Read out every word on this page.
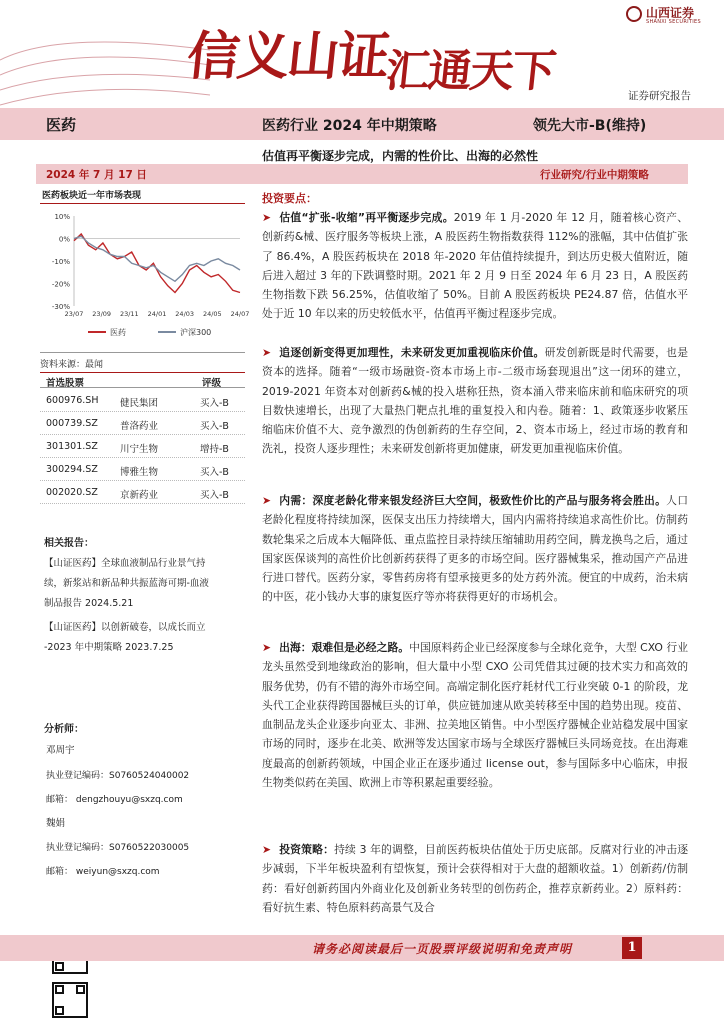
山西证券
SHANXI SECURITIES
信义山证$_{汇通天下}$	证券研究报告
医药	医药行业 2024 年中期策略	领先大市-B(维持)
估值再平衡逐步完成，内需的性价比、出海的必然性
2024 年 7 月 17 日	行业研究/行业中期策略
医药板块近一年市场表现
10%
0%
-10%
-20%
-30%
23/07 23/09 23/11 24/01 24/03 24/05 24/07
医药	沪深300
资料来源：最闻
首选股票	评级
600976.SH 健民集团	买入-B
000739.SZ 普洛药业	买入-B
301301.SZ 川宁生物	增持-B
300294.SZ 博雅生物	买入-B
002020.SZ 京新药业	买入-B
相关报告：
【山证医药】全球血液制品行业景气持
续，新浆站和新品种共振蓝海可期-血液
制品报告 2024.5.21
【山证医药】以创新破卷，以成长而立
-2023 年中期策略 2023.7.25
分析师：
邓周宇
执业登记编码：S0760524040002
邮箱： dengzhouyu@sxzq.com
魏娟
执业登记编码：S0760522030005
邮箱： weiyun@sxzq.com
投资要点：
➤ 估值“扩张-收缩”再平衡逐步完成。2019 年 1 月-2020 年 12 月，随着核心资产、创新药&械、医疗服务等板块上涨，A 股医药生物指数获得 112%的涨幅，其中估值扩张了 86.4%，A 股医药板块在 2018 年-2020 年估值持续提升，到达历史极大值附近，随后进入超过 3 年的下跌调整时期。2021 年 2 月 9 日至 2024 年 6 月 23 日，A 股医药生物指数下跌 56.25%，估值收缩了 50%。目前 A 股医药板块 PE24.87 倍，估值水平处于近 10 年以来的历史较低水平，估值再平衡过程逐步完成。
➤ 追逐创新变得更加理性，未来研发更加重视临床价值。研发创新既是时代需要，也是资本的选择。随着“一级市场融资-资本市场上市-二级市场套现退出”这一闭环的建立，2019-2021 年资本对创新药&械的投入堪称狂热，资本涌入带来临床前和临床研究的项目数快速增长，出现了大量热门靶点扎堆的重复投入和内卷。随着：1、政策逐步收紧压缩临床价值不大、竞争激烈的伪创新药的生存空间，2、资本市场上，经过市场的教育和洗礼，投资人逐步理性；未来研发创新将更加健康，研发更加重视临床价值。
➤ 内需：深度老龄化带来银发经济巨大空间，极致性价比的产品与服务将会胜出。人口老龄化程度将持续加深，医保支出压力持续增大，国内内需将持续追求高性价比。仿制药数轮集采之后成本大幅降低、重点监控目录持续压缩辅助用药空间，腾龙换鸟之后，通过国家医保谈判的高性价比创新药获得了更多的市场空间。医疗器械集采，推动国产产品进行进口替代。医药分家，零售药房将有望承接更多的处方药外流。便宜的中成药，治未病的中医，花小钱办大事的康复医疗等亦将获得更好的市场机会。
➤ 出海：艰难但是必经之路。中国原料药企业已经深度参与全球化竞争，大型 CXO 行业龙头虽然受到地缘政治的影响，但大量中小型 CXO 公司凭借其过硬的技术实力和高效的服务优势，仍有不错的海外市场空间。高端定制化医疗耗材代工行业突破 0-1 的阶段，龙头代工企业获得跨国器械巨头的订单，供应链加速从欧美转移至中国的趋势出现。疫苗、血制品龙头企业逐步向亚太、非洲、拉美地区销售。中小型医疗器械企业站稳发展中国家市场的同时，逐步在北美、欧洲等发达国家市场与全球医疗器械巨头同场竞技。在出海难度最高的创新药领域，中国企业正在逐步通过 license out，参与国际多中心临床，申报生物类似药在美国、欧洲上市等积累起重要经验。
➤ 投资策略：持续 3 年的调整，目前医药板块估值处于历史底部。反腐对行业的冲击逐步减弱，下半年板块盈利有望恢复，预计会获得相对于大盘的超额收益。1）创新药/仿制药：看好创新药国内外商业化及创新业务转型的创伤药企，推荐京新药业。2）原料药：看好抗生素、特色原料药高景气及合
请务必阅读最后一页股票评级说明和免责声明	1
